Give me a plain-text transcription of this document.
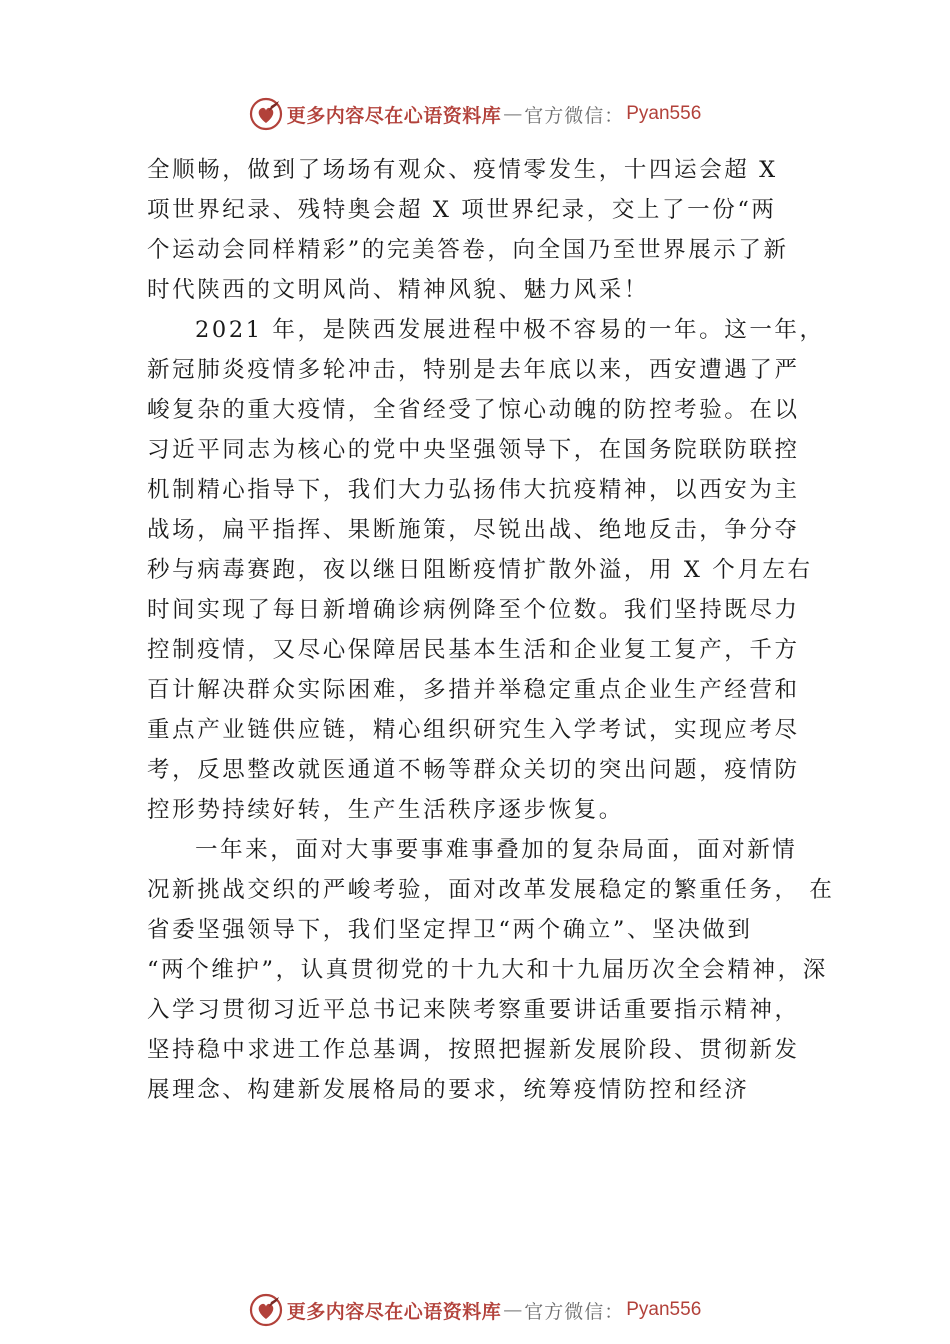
更多内容尽在心语资料库 — 官方微信： Pyan556
全顺畅，做到了场场有观众、疫情零发生，十四运会超 X
项世界纪录、残特奥会超 X 项世界纪录，交上了一份“两
个运动会同样精彩”的完美答卷，向全国乃至世界展示了新
时代陕西的文明风尚、精神风貌、魅力风采！
2021 年，是陕西发展进程中极不容易的一年。这一年，
新冠肺炎疫情多轮冲击，特别是去年底以来，西安遭遇了严
峻复杂的重大疫情，全省经受了惊心动魄的防控考验。在以
习近平同志为核心的党中央坚强领导下，在国务院联防联控
机制精心指导下，我们大力弘扬伟大抗疫精神，以西安为主
战场，扁平指挥、果断施策，尽锐出战、绝地反击，争分夺
秒与病毒赛跑，夜以继日阻断疫情扩散外溢，用 X 个月左右
时间实现了每日新增确诊病例降至个位数。我们坚持既尽力
控制疫情，又尽心保障居民基本生活和企业复工复产，千方
百计解决群众实际困难，多措并举稳定重点企业生产经营和
重点产业链供应链，精心组织研究生入学考试，实现应考尽
考，反思整改就医通道不畅等群众关切的突出问题，疫情防
控形势持续好转，生产生活秩序逐步恢复。
一年来，面对大事要事难事叠加的复杂局面，面对新情
况新挑战交织的严峻考验，面对改革发展稳定的繁重任务， 在
省委坚强领导下，我们坚定捍卫“两个确立”、坚决做到
“两个维护”，认真贯彻党的十九大和十九届历次全会精神，深
入学习贯彻习近平总书记来陕考察重要讲话重要指示精神，
坚持稳中求进工作总基调，按照把握新发展阶段、贯彻新发
展理念、构建新发展格局的要求，统筹疫情防控和经济
更多内容尽在心语资料库 — 官方微信： Pyan556
